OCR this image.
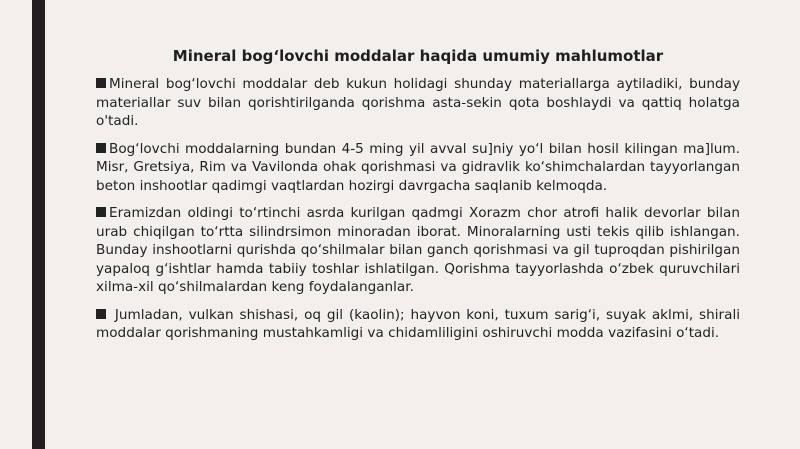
Mineral bog‘lovchi moddalar haqida umumiy mahlumotlar

Mineral bog‘lovchi moddalar deb kukun holidagi shunday materiallarga aytiladiki, bunday materiallar suv bilan qorishtirilganda qorishma asta-sekin qota boshlaydi va qattiq holatga o'tadi.

Bog‘lovchi moddalarning bundan 4-5 ming yil avval su]niy yo‘l bilan hosil kilingan ma]lum. Misr, Gretsiya, Rim va Vavilonda ohak qorishmasi va gidravlik ko‘shimchalardan tayyorlangan beton inshootlar qadimgi vaqtlardan hozirgi davrgacha saqlanib kelmoqda.

Eramizdan oldingi to‘rtinchi asrda kurilgan qadmgi Xorazm chor atrofi halik devorlar bilan urab chiqilgan to‘rtta silindrsimon minoradan iborat. Minoralarning usti tekis qilib ishlangan. Bunday inshootlarni qurishda qo‘shilmalar bilan ganch qorishmasi va gil tuproqdan pishirilgan yapaloq g‘ishtlar hamda tabiiy toshlar ishlatilgan. Qorishma tayyorlashda o‘zbek quruvchilari xilma-xil qo‘shilmalardan keng foydalanganlar.

Jumladan, vulkan shishasi, oq gil (kaolin); hayvon koni, tuxum sarig‘i, suyak aklmi, shirali moddalar qorishmaning mustahkamligi va chidamliligini oshiruvchi modda vazifasini o‘tadi.
